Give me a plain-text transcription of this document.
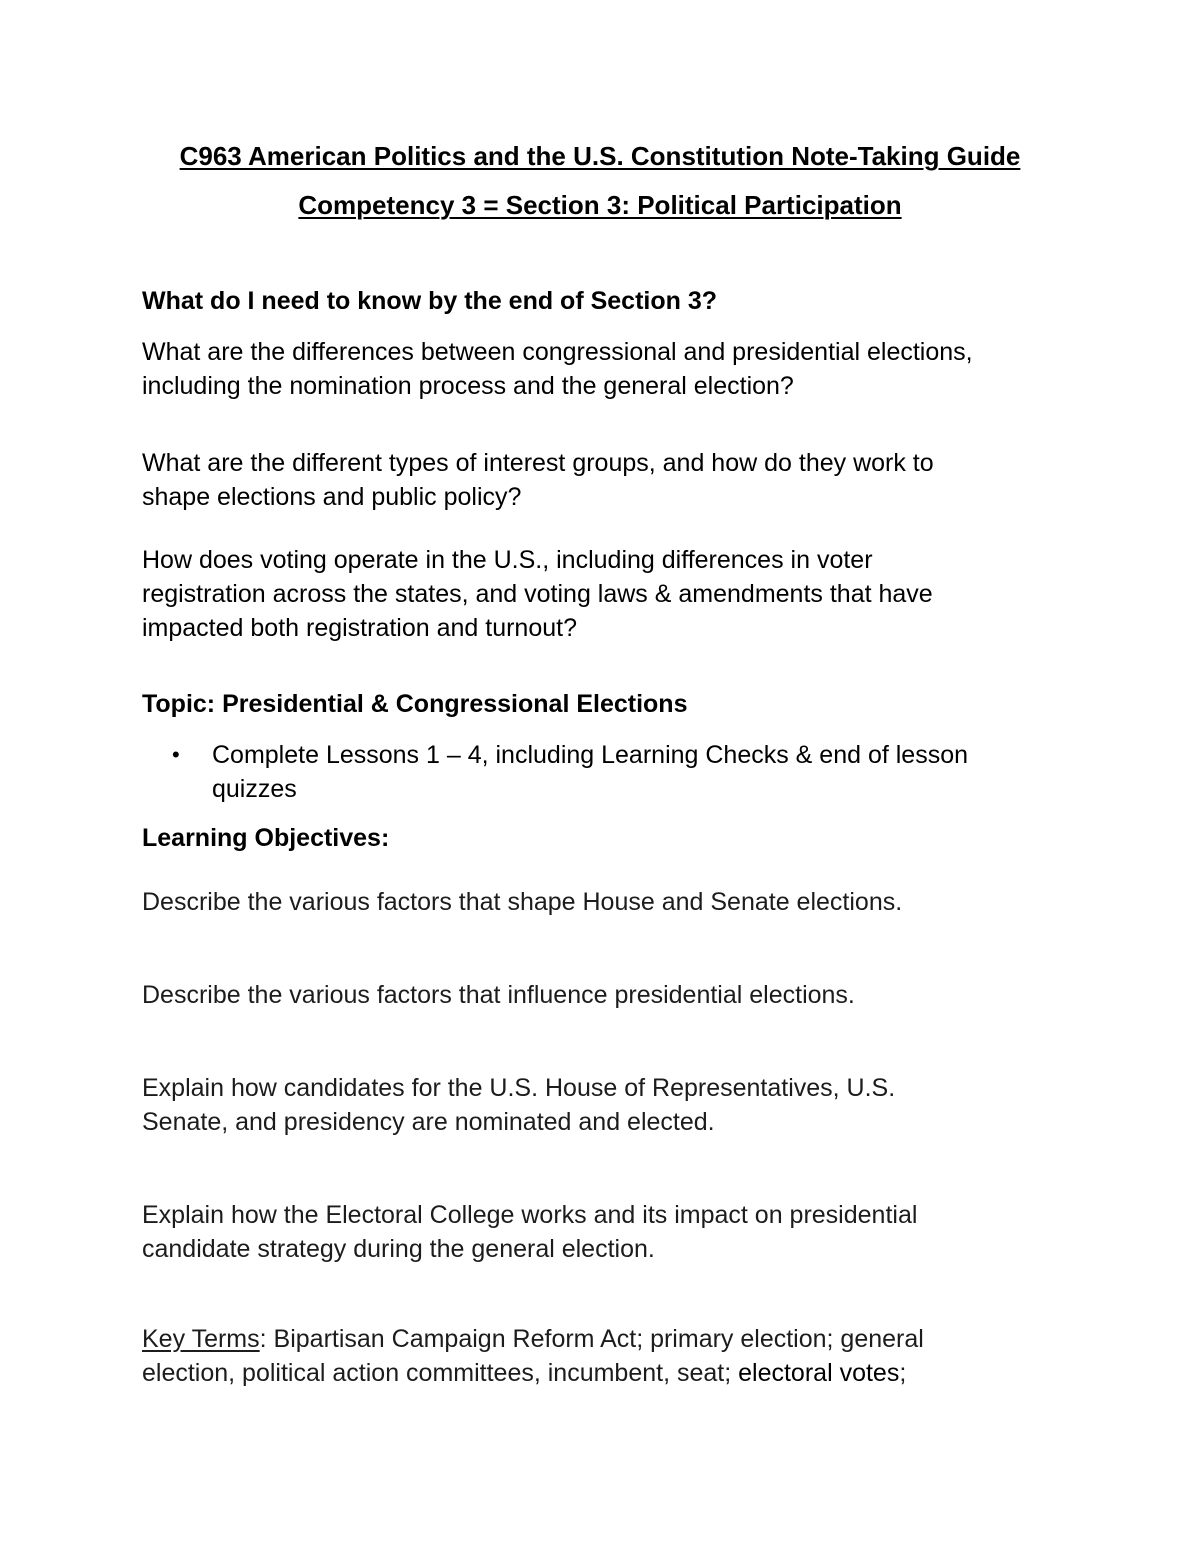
C963 American Politics and the U.S. Constitution Note-Taking Guide
Competency 3 = Section 3: Political Participation
What do I need to know by the end of Section 3?
What are the differences between congressional and presidential elections,
including the nomination process and the general election?
What are the different types of interest groups, and how do they work to
shape elections and public policy?
How does voting operate in the U.S., including differences in voter
registration across the states, and voting laws & amendments that have
impacted both registration and turnout?
Topic: Presidential & Congressional Elections
• Complete Lessons 1 – 4, including Learning Checks & end of lesson
quizzes
Learning Objectives:
Describe the various factors that shape House and Senate elections.
Describe the various factors that influence presidential elections.
Explain how candidates for the U.S. House of Representatives, U.S.
Senate, and presidency are nominated and elected.
Explain how the Electoral College works and its impact on presidential
candidate strategy during the general election.
Key Terms: Bipartisan Campaign Reform Act; primary election; general
election, political action committees, incumbent, seat; electoral votes;
